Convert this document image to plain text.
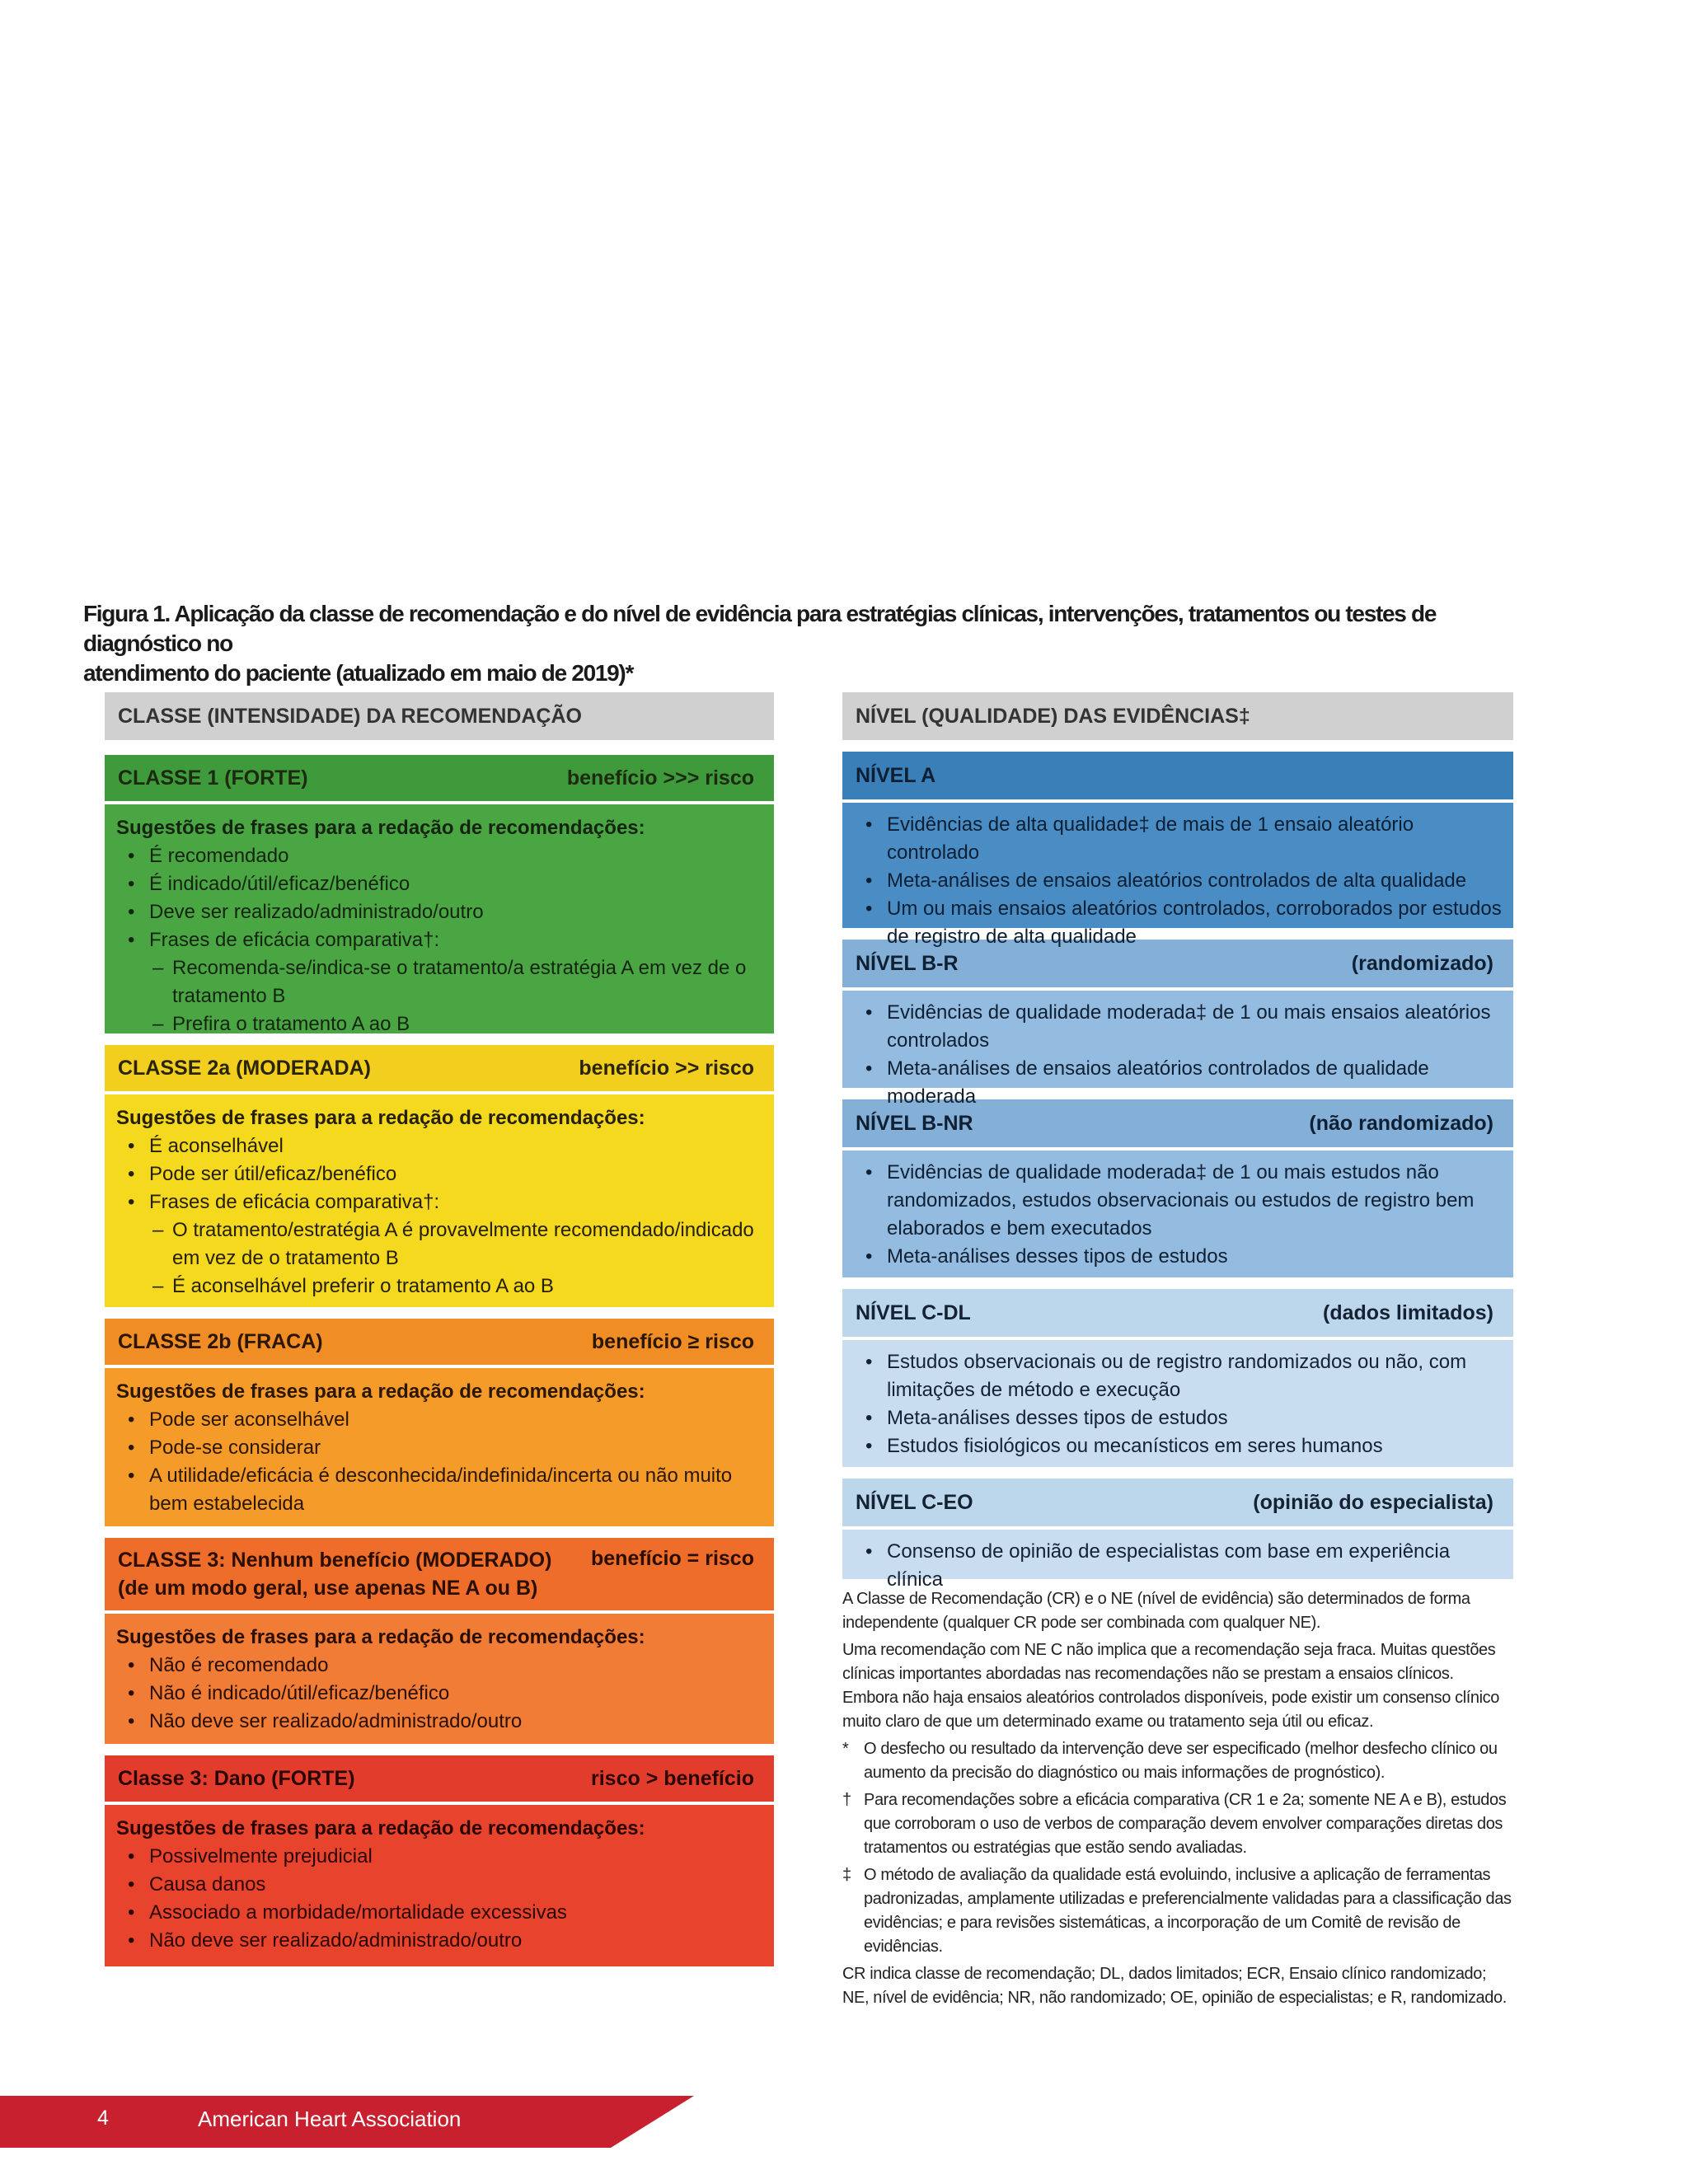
Figura 1. Aplicação da classe de recomendação e do nível de evidência para estratégias clínicas, intervenções, tratamentos ou testes de diagnóstico no
atendimento do paciente (atualizado em maio de 2019)*
CLASSE (INTENSIDADE) DA RECOMENDAÇÃO
CLASSE 1 (FORTE)	benefício >>> risco
Sugestões de frases para a redação de recomendações:
• É recomendado
• É indicado/útil/eficaz/benéfico
• Deve ser realizado/administrado/outro
• Frases de eficácia comparativa†:
– Recomenda-se/indica-se o tratamento/a estratégia A em vez de o tratamento B
– Prefira o tratamento A ao B
CLASSE 2a (MODERADA)	benefício >> risco
Sugestões de frases para a redação de recomendações:
• É aconselhável
• Pode ser útil/eficaz/benéfico
• Frases de eficácia comparativa†:
– O tratamento/estratégia A é provavelmente recomendado/indicado em vez de o tratamento B
– É aconselhável preferir o tratamento A ao B
CLASSE 2b (FRACA)	benefício ≥ risco
Sugestões de frases para a redação de recomendações:
• Pode ser aconselhável
• Pode-se considerar
• A utilidade/eficácia é desconhecida/indefinida/incerta ou não muito bem estabelecida
CLASSE 3: Nenhum benefício (MODERADO)
(de um modo geral, use apenas NE A ou B)
benefício = risco
Sugestões de frases para a redação de recomendações:
• Não é recomendado
• Não é indicado/útil/eficaz/benéfico
• Não deve ser realizado/administrado/outro
Classe 3: Dano (FORTE)	risco > benefício
Sugestões de frases para a redação de recomendações:
• Possivelmente prejudicial
• Causa danos
• Associado a morbidade/mortalidade excessivas
• Não deve ser realizado/administrado/outro
NÍVEL (QUALIDADE) DAS EVIDÊNCIAS‡
NÍVEL A
• Evidências de alta qualidade‡ de mais de 1 ensaio aleatório controlado
• Meta-análises de ensaios aleatórios controlados de alta qualidade
• Um ou mais ensaios aleatórios controlados, corroborados por estudos de registro de alta qualidade
NÍVEL B-R	(randomizado)
• Evidências de qualidade moderada‡ de 1 ou mais ensaios aleatórios controlados
• Meta-análises de ensaios aleatórios controlados de qualidade moderada
NÍVEL B-NR	(não randomizado)
• Evidências de qualidade moderada‡ de 1 ou mais estudos não randomizados, estudos observacionais ou estudos de registro bem elaborados e bem executados
• Meta-análises desses tipos de estudos
NÍVEL C-DL	(dados limitados)
• Estudos observacionais ou de registro randomizados ou não, com limitações de método e execução
• Meta-análises desses tipos de estudos
• Estudos fisiológicos ou mecanísticos em seres humanos
NÍVEL C-EO	(opinião do especialista)
• Consenso de opinião de especialistas com base em experiência clínica

A Classe de Recomendação (CR) e o NE (nível de evidência) são determinados de forma independente (qualquer CR pode ser combinada com qualquer NE).

Uma recomendação com NE C não implica que a recomendação seja fraca. Muitas questões clínicas importantes abordadas nas recomendações não se prestam a ensaios clínicos. Embora não haja ensaios aleatórios controlados disponíveis, pode existir um consenso clínico muito claro de que um determinado exame ou tratamento seja útil ou eficaz.

* O desfecho ou resultado da intervenção deve ser especificado (melhor desfecho clínico ou aumento da precisão do diagnóstico ou mais informações de prognóstico).
† Para recomendações sobre a eficácia comparativa (CR 1 e 2a; somente NE A e B), estudos que corroboram o uso de verbos de comparação devem envolver comparações diretas dos tratamentos ou estratégias que estão sendo avaliadas.
‡ O método de avaliação da qualidade está evoluindo, inclusive a aplicação de ferramentas padronizadas, amplamente utilizadas e preferencialmente validadas para a classificação das evidências; e para revisões sistemáticas, a incorporação de um Comitê de revisão de evidências.

CR indica classe de recomendação; DL, dados limitados; ECR, Ensaio clínico randomizado; NE, nível de evidência; NR, não randomizado; OE, opinião de especialistas; e R, randomizado.

4	American Heart Association
